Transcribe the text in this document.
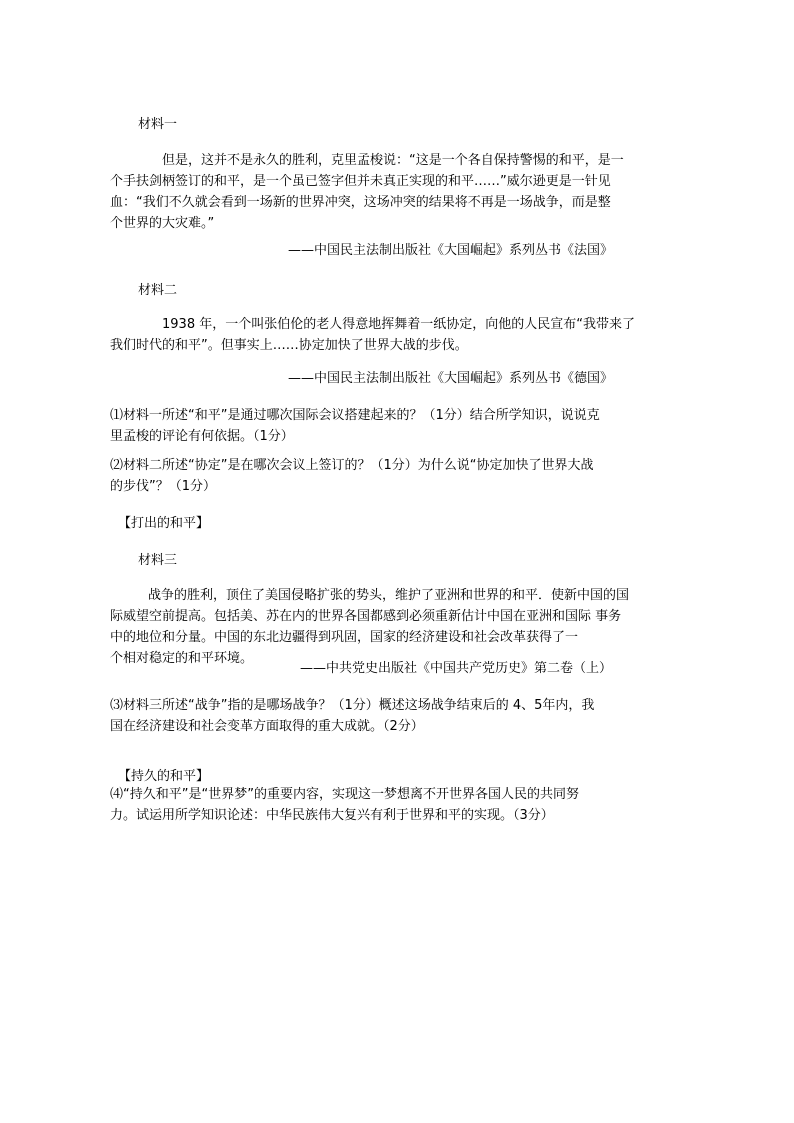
材料一
但是，这并不是永久的胜利，克里孟梭说：“这是一个各自保持警惕的和平，是一
个手扶剑柄签订的和平，是一个虽已签字但并未真正实现的和平……”威尔逊更是一针见
血：“我们不久就会看到一场新的世界冲突，这场冲突的结果将不再是一场战争，而是整
个世界的大灾难。”
——中国民主法制出版社《大国崛起》系列丛书《法国》
材料二
1938 年，一个叫张伯伦的老人得意地挥舞着一纸协定，向他的人民宣布“我带来了
我们时代的和平”。但事实上……协定加快了世界大战的步伐。
——中国民主法制出版社《大国崛起》系列丛书《德国》
⑴材料一所述“和平”是通过哪次国际会议搭建起来的？（1分）结合所学知识，说说克
里孟梭的评论有何依据。（1分）
⑵材料二所述“协定”是在哪次会议上签订的？（1分）为什么说“协定加快了世界大战
的步伐”？（1分）
【打出的和平】
材料三
战争的胜利，顶住了美国侵略扩张的势头，维护了亚洲和世界的和平．使新中国的国
际威望空前提高。包括美、苏在内的世界各国都感到必须重新估计中国在亚洲和国际 事务
中的地位和分量。中国的东北边疆得到巩固，国家的经济建设和社会改革获得了一
个相对稳定的和平环境。
——中共党史出版社《中国共产党历史》第二卷（上）
⑶材料三所述“战争”指的是哪场战争？（1分）概述这场战争结束后的 4、5年内，我
国在经济建设和社会变革方面取得的重大成就。（2分）
【持久的和平】
⑷“持久和平”是“世界梦”的重要内容，实现这一梦想离不开世界各国人民的共同努
力。试运用所学知识论述：中华民族伟大复兴有利于世界和平的实现。（3分）
